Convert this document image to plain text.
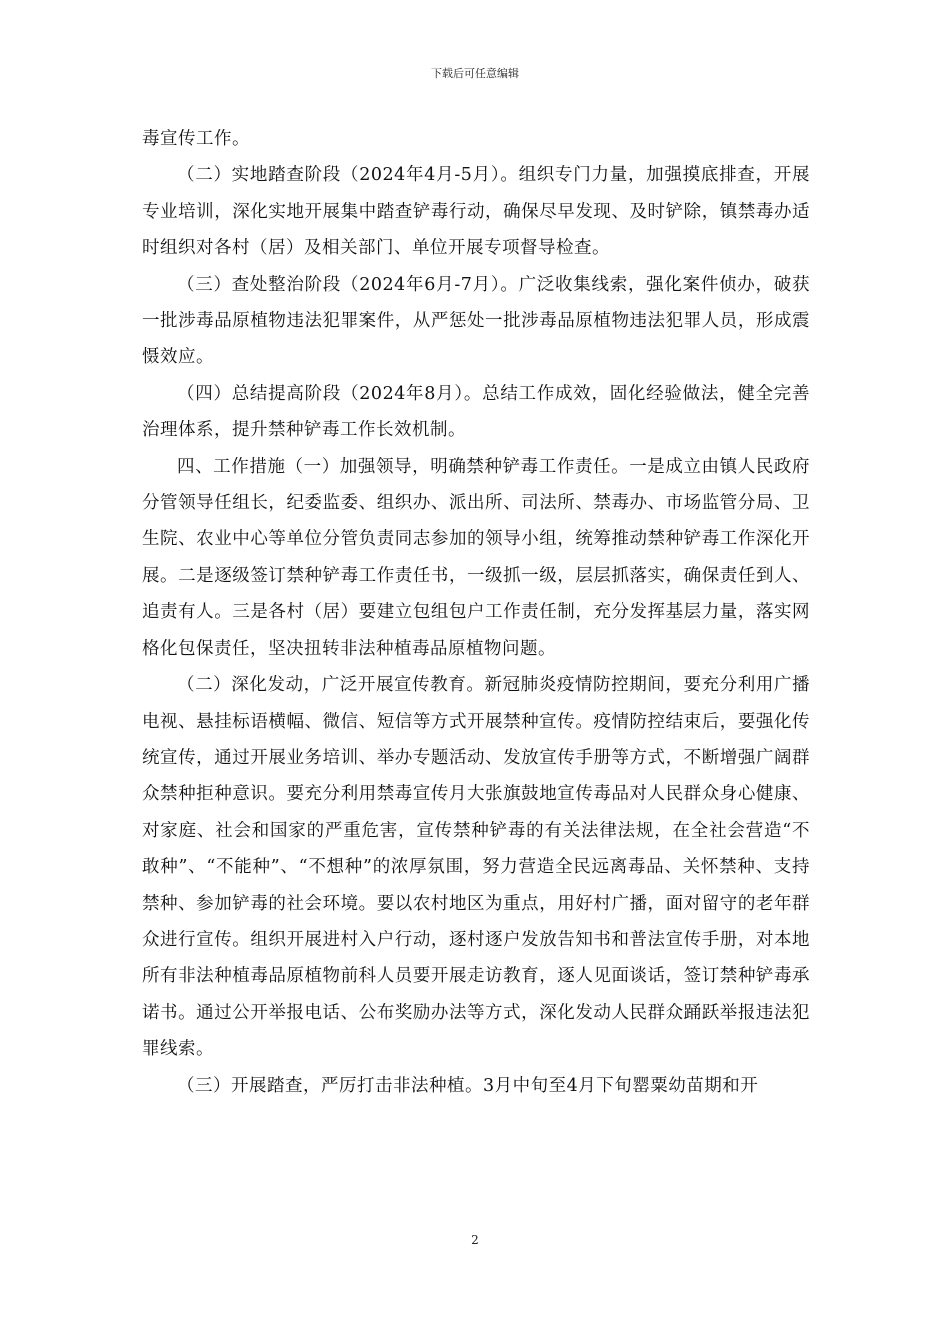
下载后可任意编辑

毒宣传工作。

（二）实地踏查阶段（2024年4月-5月）。组织专门力量，加强摸底排查，开展专业培训，深化实地开展集中踏查铲毒行动，确保尽早发现、及时铲除，镇禁毒办适时组织对各村（居）及相关部门、单位开展专项督导检查。

（三）查处整治阶段（2024年6月-7月）。广泛收集线索，强化案件侦办，破获一批涉毒品原植物违法犯罪案件，从严惩处一批涉毒品原植物违法犯罪人员，形成震慑效应。

（四）总结提高阶段（2024年8月）。总结工作成效，固化经验做法，健全完善治理体系，提升禁种铲毒工作长效机制。

四、工作措施（一）加强领导，明确禁种铲毒工作责任。一是成立由镇人民政府分管领导任组长，纪委监委、组织办、派出所、司法所、禁毒办、市场监管分局、卫生院、农业中心等单位分管负责同志参加的领导小组，统筹推动禁种铲毒工作深化开展。二是逐级签订禁种铲毒工作责任书，一级抓一级，层层抓落实，确保责任到人、追责有人。三是各村（居）要建立包组包户工作责任制，充分发挥基层力量，落实网格化包保责任，坚决扭转非法种植毒品原植物问题。

（二）深化发动，广泛开展宣传教育。新冠肺炎疫情防控期间，要充分利用广播电视、悬挂标语横幅、微信、短信等方式开展禁种宣传。疫情防控结束后，要强化传统宣传，通过开展业务培训、举办专题活动、发放宣传手册等方式，不断增强广阔群众禁种拒种意识。要充分利用禁毒宣传月大张旗鼓地宣传毒品对人民群众身心健康、对家庭、社会和国家的严重危害，宣传禁种铲毒的有关法律法规，在全社会营造“不敢种”、“不能种”、“不想种”的浓厚氛围，努力营造全民远离毒品、关怀禁种、支持禁种、参加铲毒的社会环境。要以农村地区为重点，用好村广播，面对留守的老年群众进行宣传。组织开展进村入户行动，逐村逐户发放告知书和普法宣传手册，对本地所有非法种植毒品原植物前科人员要开展走访教育，逐人见面谈话，签订禁种铲毒承诺书。通过公开举报电话、公布奖励办法等方式，深化发动人民群众踊跃举报违法犯罪线索。

（三）开展踏查，严厉打击非法种植。3月中旬至4月下旬罂粟幼苗期和开

2
